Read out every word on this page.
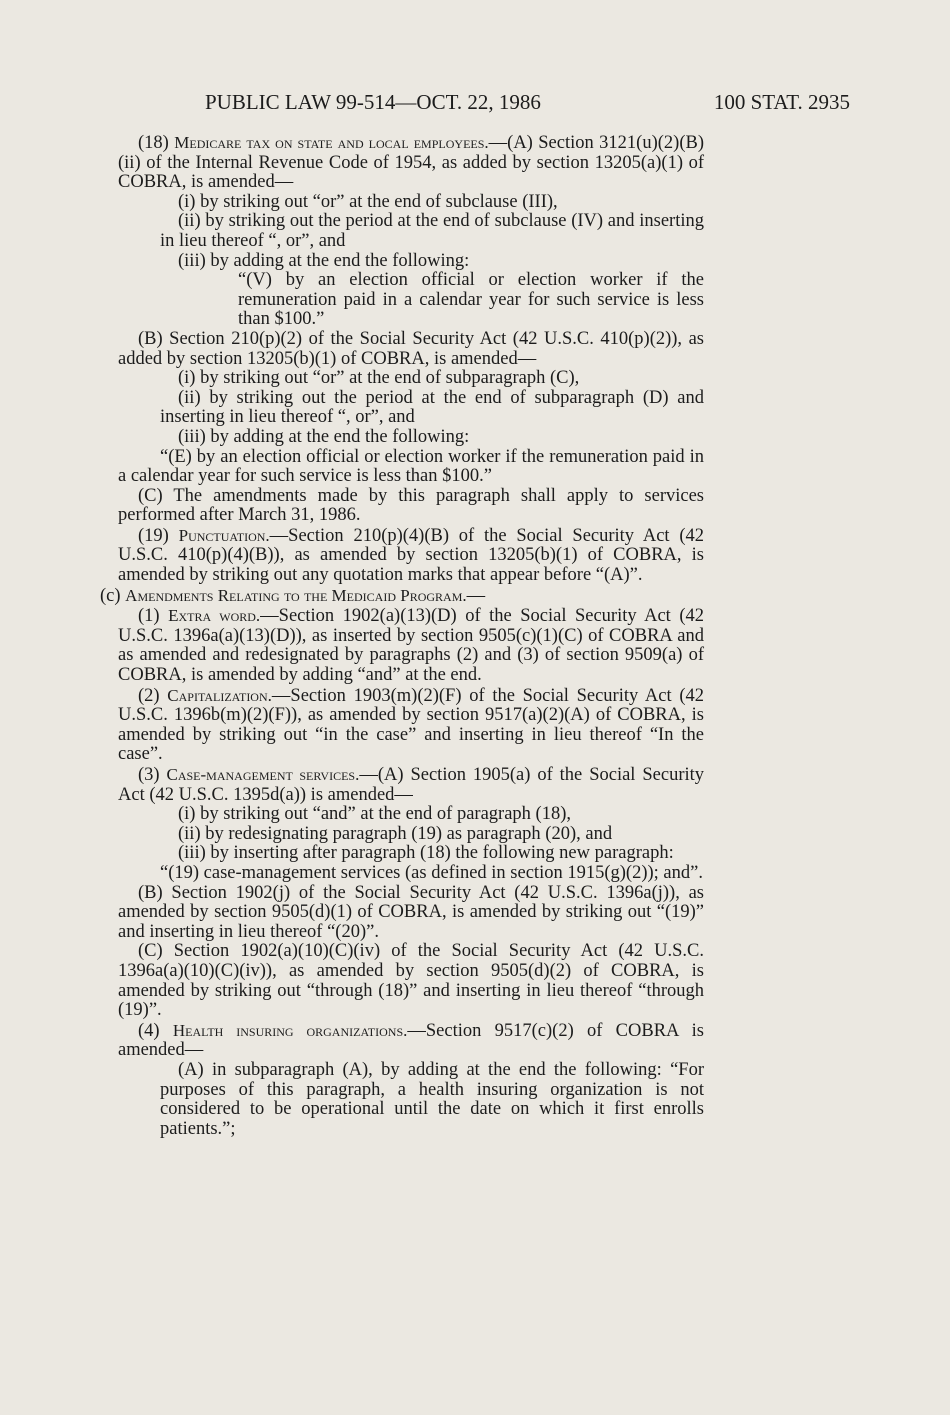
PUBLIC LAW 99-514—OCT. 22, 1986	100 STAT. 2935

(18) Medicare tax on state and local employees.—(A) Section 3121(u)(2)(B)(ii) of the Internal Revenue Code of 1954, as added by section 13205(a)(1) of COBRA, is amended—

(i) by striking out “or” at the end of subclause (III),

(ii) by striking out the period at the end of subclause (IV) and inserting in lieu thereof “, or”, and

(iii) by adding at the end the following:

“(V) by an election official or election worker if the remuneration paid in a calendar year for such service is less than $100.”

(B) Section 210(p)(2) of the Social Security Act (42 U.S.C. 410(p)(2)), as added by section 13205(b)(1) of COBRA, is amended—

(i) by striking out “or” at the end of subparagraph (C),

(ii) by striking out the period at the end of subparagraph (D) and inserting in lieu thereof “, or”, and

(iii) by adding at the end the following:

“(E) by an election official or election worker if the remuneration paid in a calendar year for such service is less than $100.”

(C) The amendments made by this paragraph shall apply to services performed after March 31, 1986.

(19) Punctuation.—Section 210(p)(4)(B) of the Social Security Act (42 U.S.C. 410(p)(4)(B)), as amended by section 13205(b)(1) of COBRA, is amended by striking out any quotation marks that appear before “(A)”.

(c) Amendments Relating to the Medicaid Program.—

(1) Extra word.—Section 1902(a)(13)(D) of the Social Security Act (42 U.S.C. 1396a(a)(13)(D)), as inserted by section 9505(c)(1)(C) of COBRA and as amended and redesignated by paragraphs (2) and (3) of section 9509(a) of COBRA, is amended by adding “and” at the end.

(2) Capitalization.—Section 1903(m)(2)(F) of the Social Security Act (42 U.S.C. 1396b(m)(2)(F)), as amended by section 9517(a)(2)(A) of COBRA, is amended by striking out “in the case” and inserting in lieu thereof “In the case”.

(3) Case-management services.—(A) Section 1905(a) of the Social Security Act (42 U.S.C. 1395d(a)) is amended—

(i) by striking out “and” at the end of paragraph (18),

(ii) by redesignating paragraph (19) as paragraph (20), and

(iii) by inserting after paragraph (18) the following new paragraph:

“(19) case-management services (as defined in section 1915(g)(2)); and”.

(B) Section 1902(j) of the Social Security Act (42 U.S.C. 1396a(j)), as amended by section 9505(d)(1) of COBRA, is amended by striking out “(19)” and inserting in lieu thereof “(20)”.

(C) Section 1902(a)(10)(C)(iv) of the Social Security Act (42 U.S.C. 1396a(a)(10)(C)(iv)), as amended by section 9505(d)(2) of COBRA, is amended by striking out “through (18)” and inserting in lieu thereof “through (19)”.

(4) Health insuring organizations.—Section 9517(c)(2) of COBRA is amended—

(A) in subparagraph (A), by adding at the end the following: “For purposes of this paragraph, a health insuring organization is not considered to be operational until the date on which it first enrolls patients.”;
